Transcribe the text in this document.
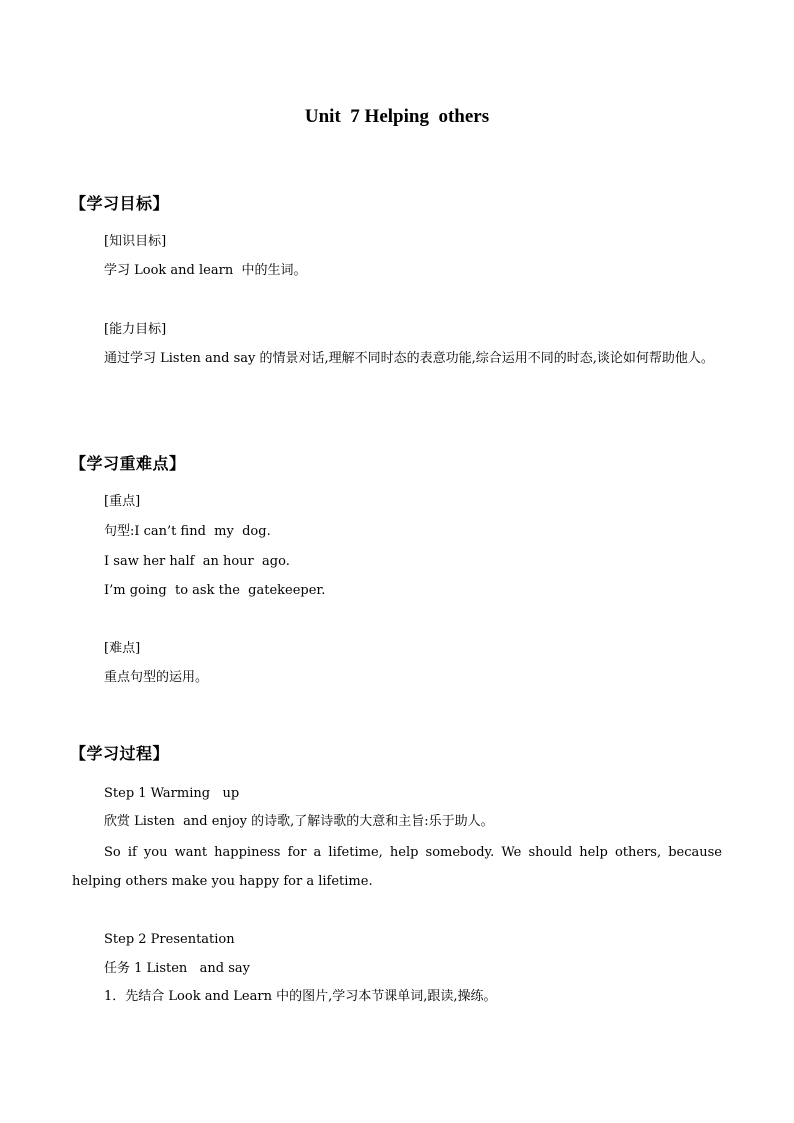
Unit  7 Helping  others
【学习目标】
[知识目标]
学习 Look and learn  中的生词。
[能力目标]
通过学习 Listen and say 的情景对话,理解不同时态的表意功能,综合运用不同的时态,谈论如何帮助他人。
【学习重难点】
[重点]
句型:I can’t find  my  dog.
I saw her half  an hour  ago.
I’m going  to ask the  gatekeeper.
[难点]
重点句型的运用。
【学习过程】
Step 1 Warming   up
欣赏 Listen  and enjoy 的诗歌,了解诗歌的大意和主旨:乐于助人。
So if you want happiness for a lifetime, help somebody. We should help others, because helping others make you happy for a lifetime.
Step 2 Presentation
任务 1 Listen   and say
1．先结合 Look and Learn 中的图片,学习本节课单词,跟读,操练。
